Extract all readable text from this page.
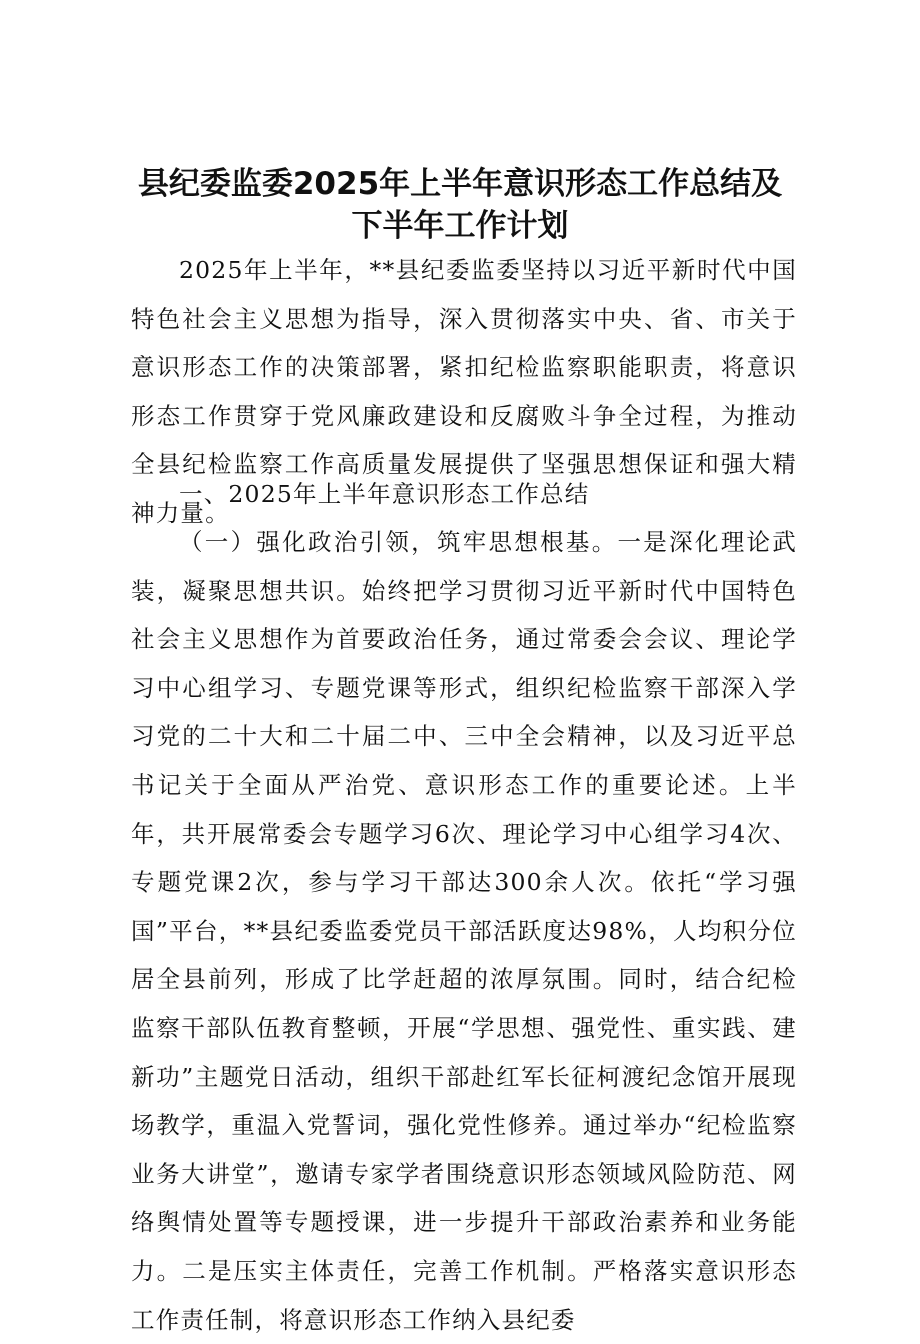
县纪委监委2025年上半年意识形态工作总结及
下半年工作计划

2025年上半年，**县纪委监委坚持以习近平新时代中国特色社会主义思想为指导，深入贯彻落实中央、省、市关于意识形态工作的决策部署，紧扣纪检监察职能职责，将意识形态工作贯穿于党风廉政建设和反腐败斗争全过程，为推动全县纪检监察工作高质量发展提供了坚强思想保证和强大精神力量。

一、2025年上半年意识形态工作总结

（一）强化政治引领，筑牢思想根基。一是深化理论武装，凝聚思想共识。始终把学习贯彻习近平新时代中国特色社会主义思想作为首要政治任务，通过常委会会议、理论学习中心组学习、专题党课等形式，组织纪检监察干部深入学习党的二十大和二十届二中、三中全会精神，以及习近平总书记关于全面从严治党、意识形态工作的重要论述。上半年，共开展常委会专题学习6次、理论学习中心组学习4次、专题党课2次，参与学习干部达300余人次。依托“学习强国”平台，**县纪委监委党员干部活跃度达98%，人均积分位居全县前列，形成了比学赶超的浓厚氛围。同时，结合纪检监察干部队伍教育整顿，开展“学思想、强党性、重实践、建新功”主题党日活动，组织干部赴红军长征柯渡纪念馆开展现场教学，重温入党誓词，强化党性修养。通过举办“纪检监察业务大讲堂”，邀请专家学者围绕意识形态领域风险防范、网络舆情处置等专题授课，进一步提升干部政治素养和业务能力。二是压实主体责任，完善工作机制。严格落实意识形态工作责任制，将意识形态工作纳入县纪委
